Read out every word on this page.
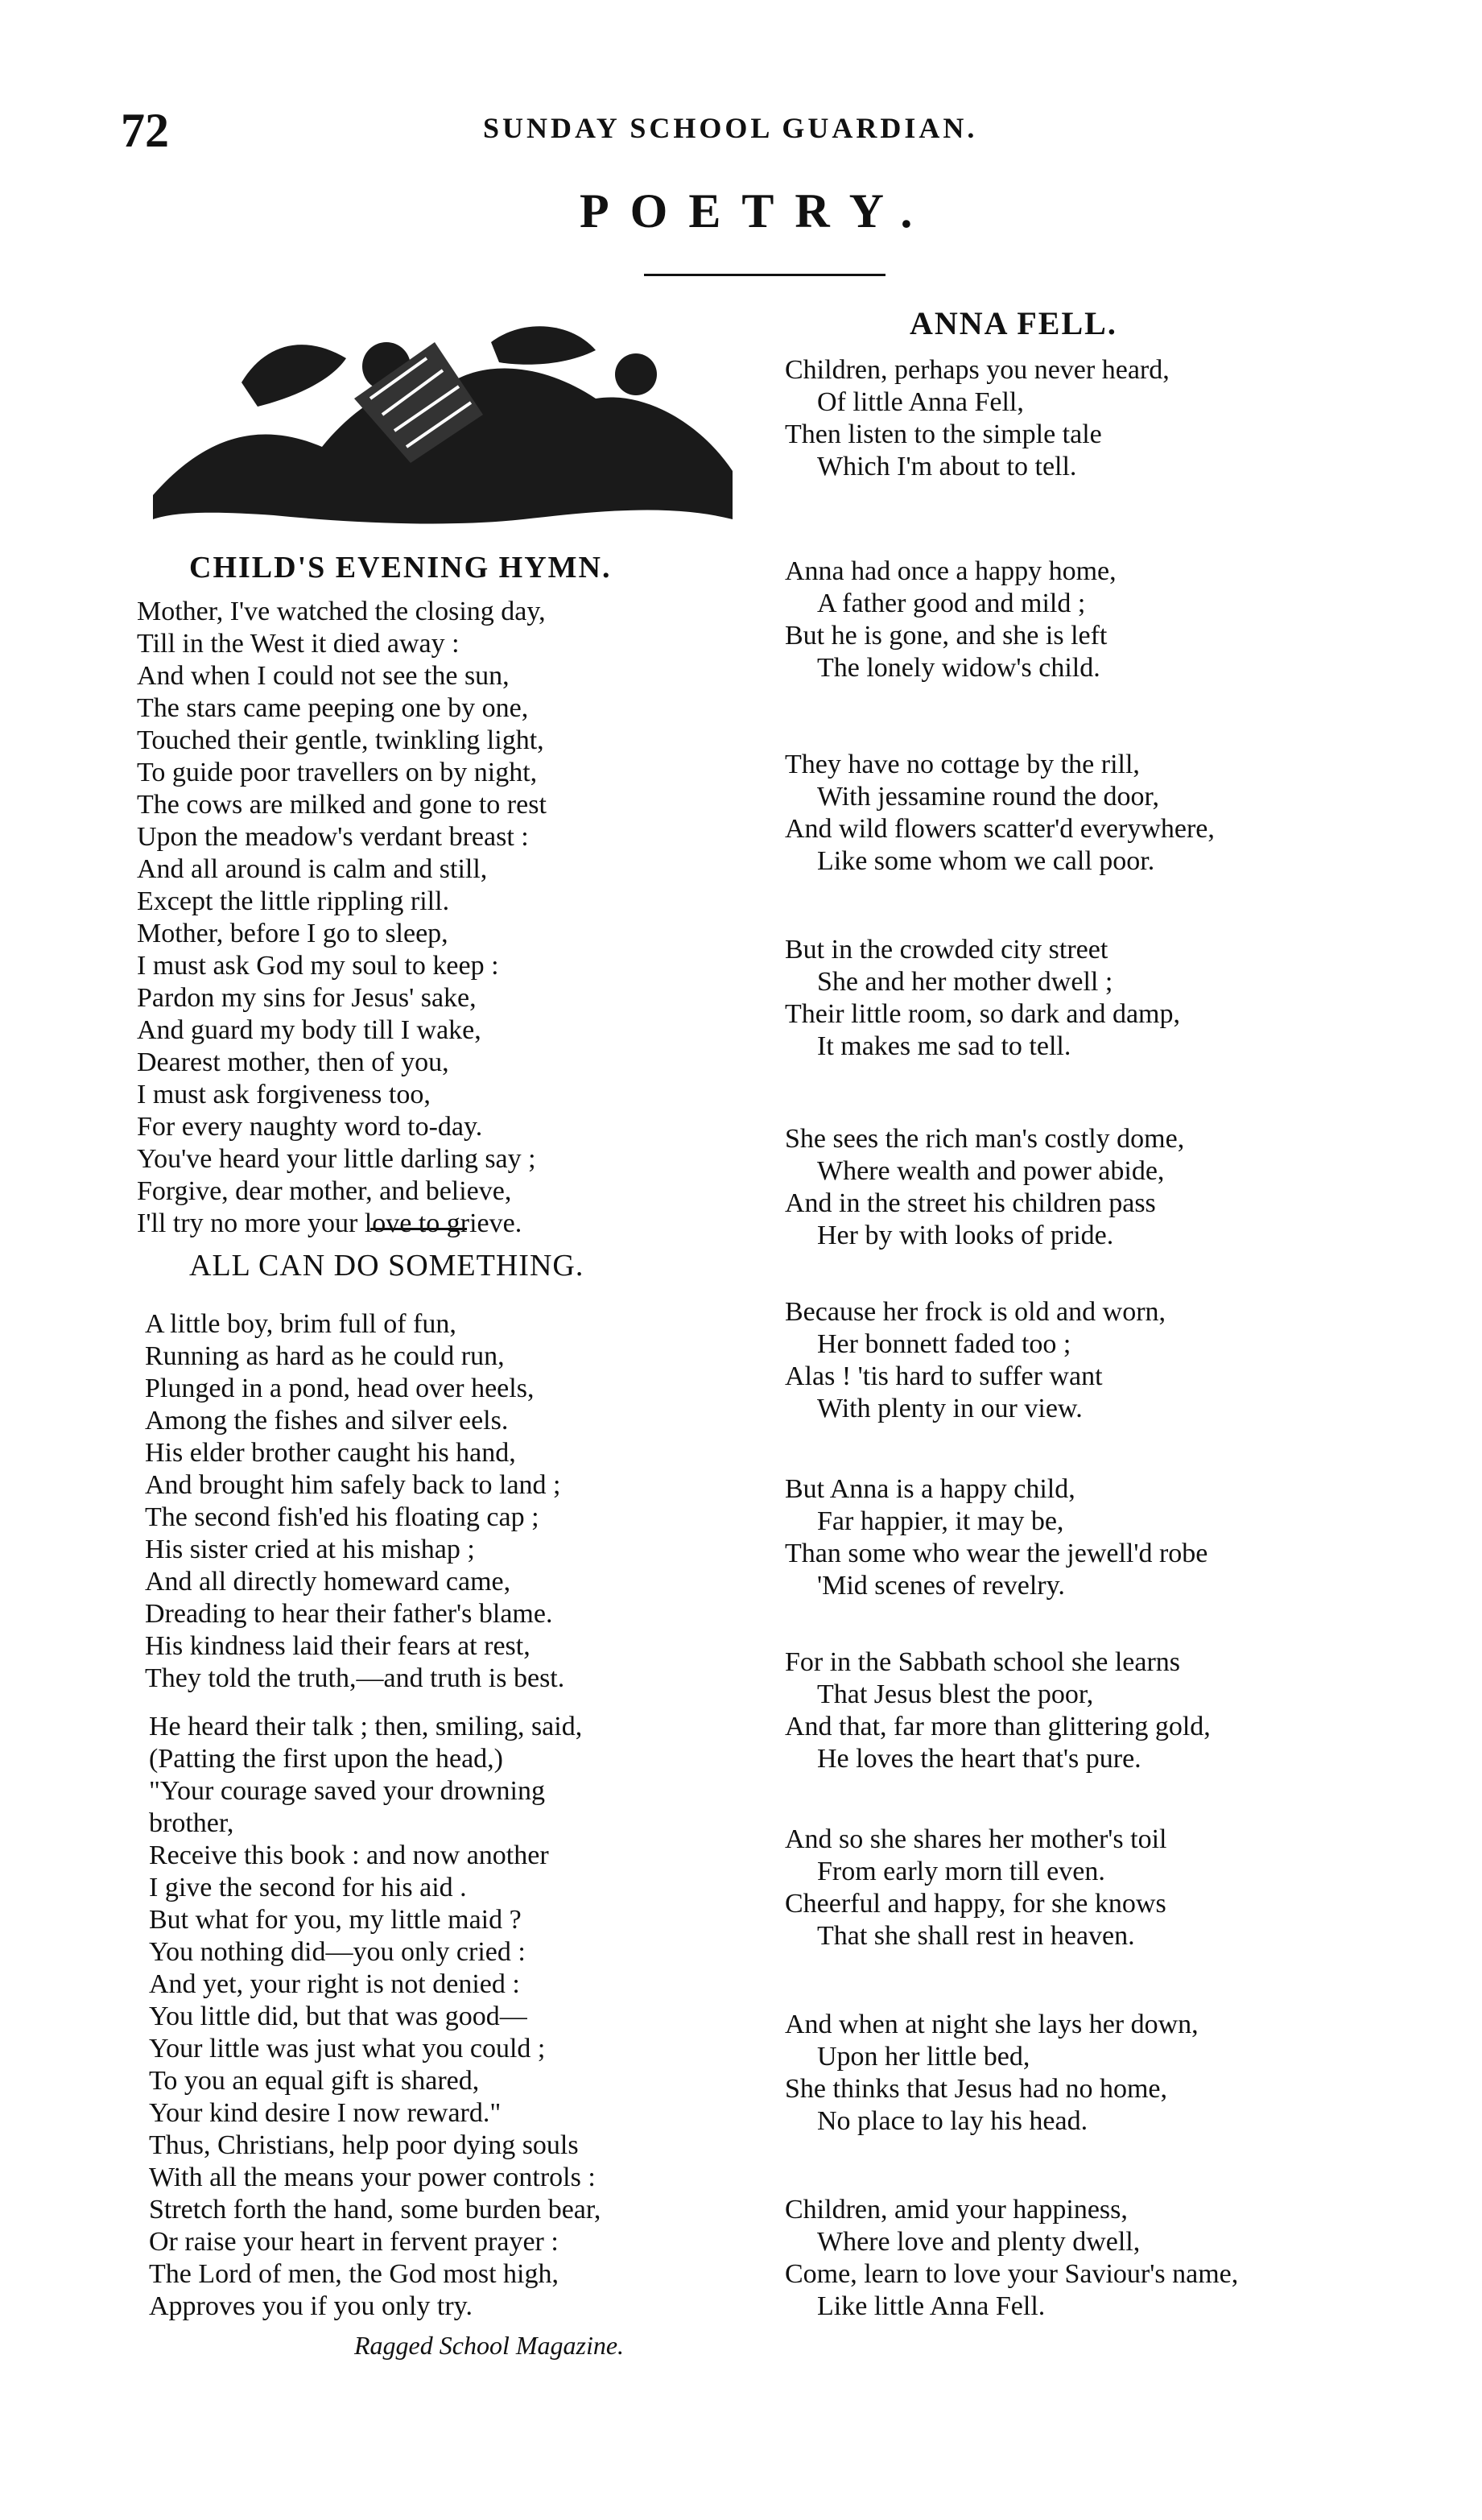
72	SUNDAY SCHOOL GUARDIAN.
POETRY.
CHILD'S EVENING HYMN.
Mother, I've watched the closing day,
Till in the West it died away :
And when I could not see the sun,
The stars came peeping one by one,
Touched their gentle, twinkling light,
To guide poor travellers on by night,
The cows are milked and gone to rest
Upon the meadow's verdant breast :
And all around is calm and still,
Except the little rippling rill.
Mother, before I go to sleep,
I must ask God my soul to keep :
Pardon my sins for Jesus' sake,
And guard my body till I wake,
Dearest mother, then of you,
I must ask forgiveness too,
For every naughty word to-day.
You've heard your little darling say ;
Forgive, dear mother, and believe,
I'll try no more your love to grieve.
ALL CAN DO SOMETHING.
A little boy, brim full of fun,
Running as hard as he could run,
Plunged in a pond, head over heels,
Among the fishes and silver eels.
His elder brother caught his hand,
And brought him safely back to land ;
The second fish'ed his floating cap ;
His sister cried at his mishap ;
And all directly homeward came,
Dreading to hear their father's blame.
His kindness laid their fears at rest,
They told the truth,—and truth is best.
He heard their talk ; then, smiling, said,
(Patting the first upon the head,)
"Your courage saved your drowning
brother,
Receive this book : and now another
I give the second for his aid .
But what for you, my little maid ?
You nothing did—you only cried :
And yet, your right is not denied :
You little did, but that was good—
Your little was just what you could ;
To you an equal gift is shared,
Your kind desire I now reward."
Thus, Christians, help poor dying souls
With all the means your power controls :
Stretch forth the hand, some burden bear,
Or raise your heart in fervent prayer :
The Lord of men, the God most high,
Approves you if you only try.
Ragged School Magazine.
ANNA FELL.
Children, perhaps you never heard,
Of little Anna Fell,
Then listen to the simple tale
Which I'm about to tell.
Anna had once a happy home,
A father good and mild ;
But he is gone, and she is left
The lonely widow's child.
They have no cottage by the rill,
With jessamine round the door,
And wild flowers scatter'd everywhere,
Like some whom we call poor.
But in the crowded city street
She and her mother dwell ;
Their little room, so dark and damp,
It makes me sad to tell.
She sees the rich man's costly dome,
Where wealth and power abide,
And in the street his children pass
Her by with looks of pride.
Because her frock is old and worn,
Her bonnett faded too ;
Alas ! 'tis hard to suffer want
With plenty in our view.
But Anna is a happy child,
Far happier, it may be,
Than some who wear the jewell'd robe
'Mid scenes of revelry.
For in the Sabbath school she learns
That Jesus blest the poor,
And that, far more than glittering gold,
He loves the heart that's pure.
And so she shares her mother's toil
From early morn till even.
Cheerful and happy, for she knows
That she shall rest in heaven.
And when at night she lays her down,
Upon her little bed,
She thinks that Jesus had no home,
No place to lay his head.
Children, amid your happiness,
Where love and plenty dwell,
Come, learn to love your Saviour's name,
Like little Anna Fell.
